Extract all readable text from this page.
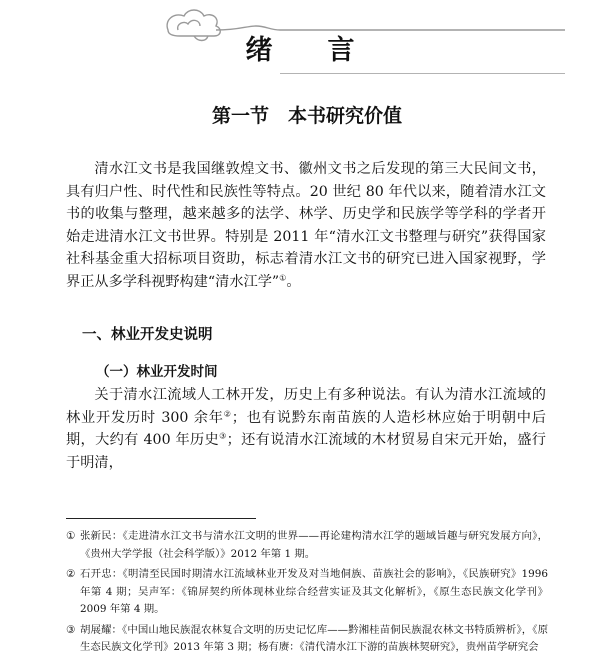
绪　言
第一节　本书研究价值

清水江文书是我国继敦煌文书、徽州文书之后发现的第三大民间文书，具有归户性、时代性和民族性等特点。20 世纪 80 年代以来，随着清水江文书的收集与整理，越来越多的法学、林学、历史学和民族学等学科的学者开始走进清水江文书世界。特别是 2011 年“清水江文书整理与研究”获得国家社科基金重大招标项目资助，标志着清水江文书的研究已进入国家视野，学界正从多学科视野构建“清水江学”①。

一、林业开发史说明
（一）林业开发时间

关于清水江流域人工林开发，历史上有多种说法。有认为清水江流域的林业开发历时 300 余年②；也有说黔东南苗族的人造杉林应始于明朝中后期，大约有 400 年历史③；还有说清水江流域的木材贸易自宋元开始，盛行于明清，

① 张新民：《走进清水江文书与清水江文明的世界——再论建构清水江学的题域旨趣与研究发展方向》，《贵州大学学报（社会科学版）》2012 年第 1 期。
② 石开忠：《明清至民国时期清水江流域林业开发及对当地侗族、苗族社会的影响》，《民族研究》1996 年第 4 期；吴声军：《锦屏契约所体现林业综合经营实证及其文化解析》，《原生态民族文化学刊》2009 年第 4 期。
③ 胡展耀：《中国山地民族混农林复合文明的历史记忆库——黔湘桂苗侗民族混农林文书特质辨析》，《原生态民族文化学刊》2013 年第 3 期；杨有赓：《清代清水江下游的苗族林契研究》，贵州苗学研究会
